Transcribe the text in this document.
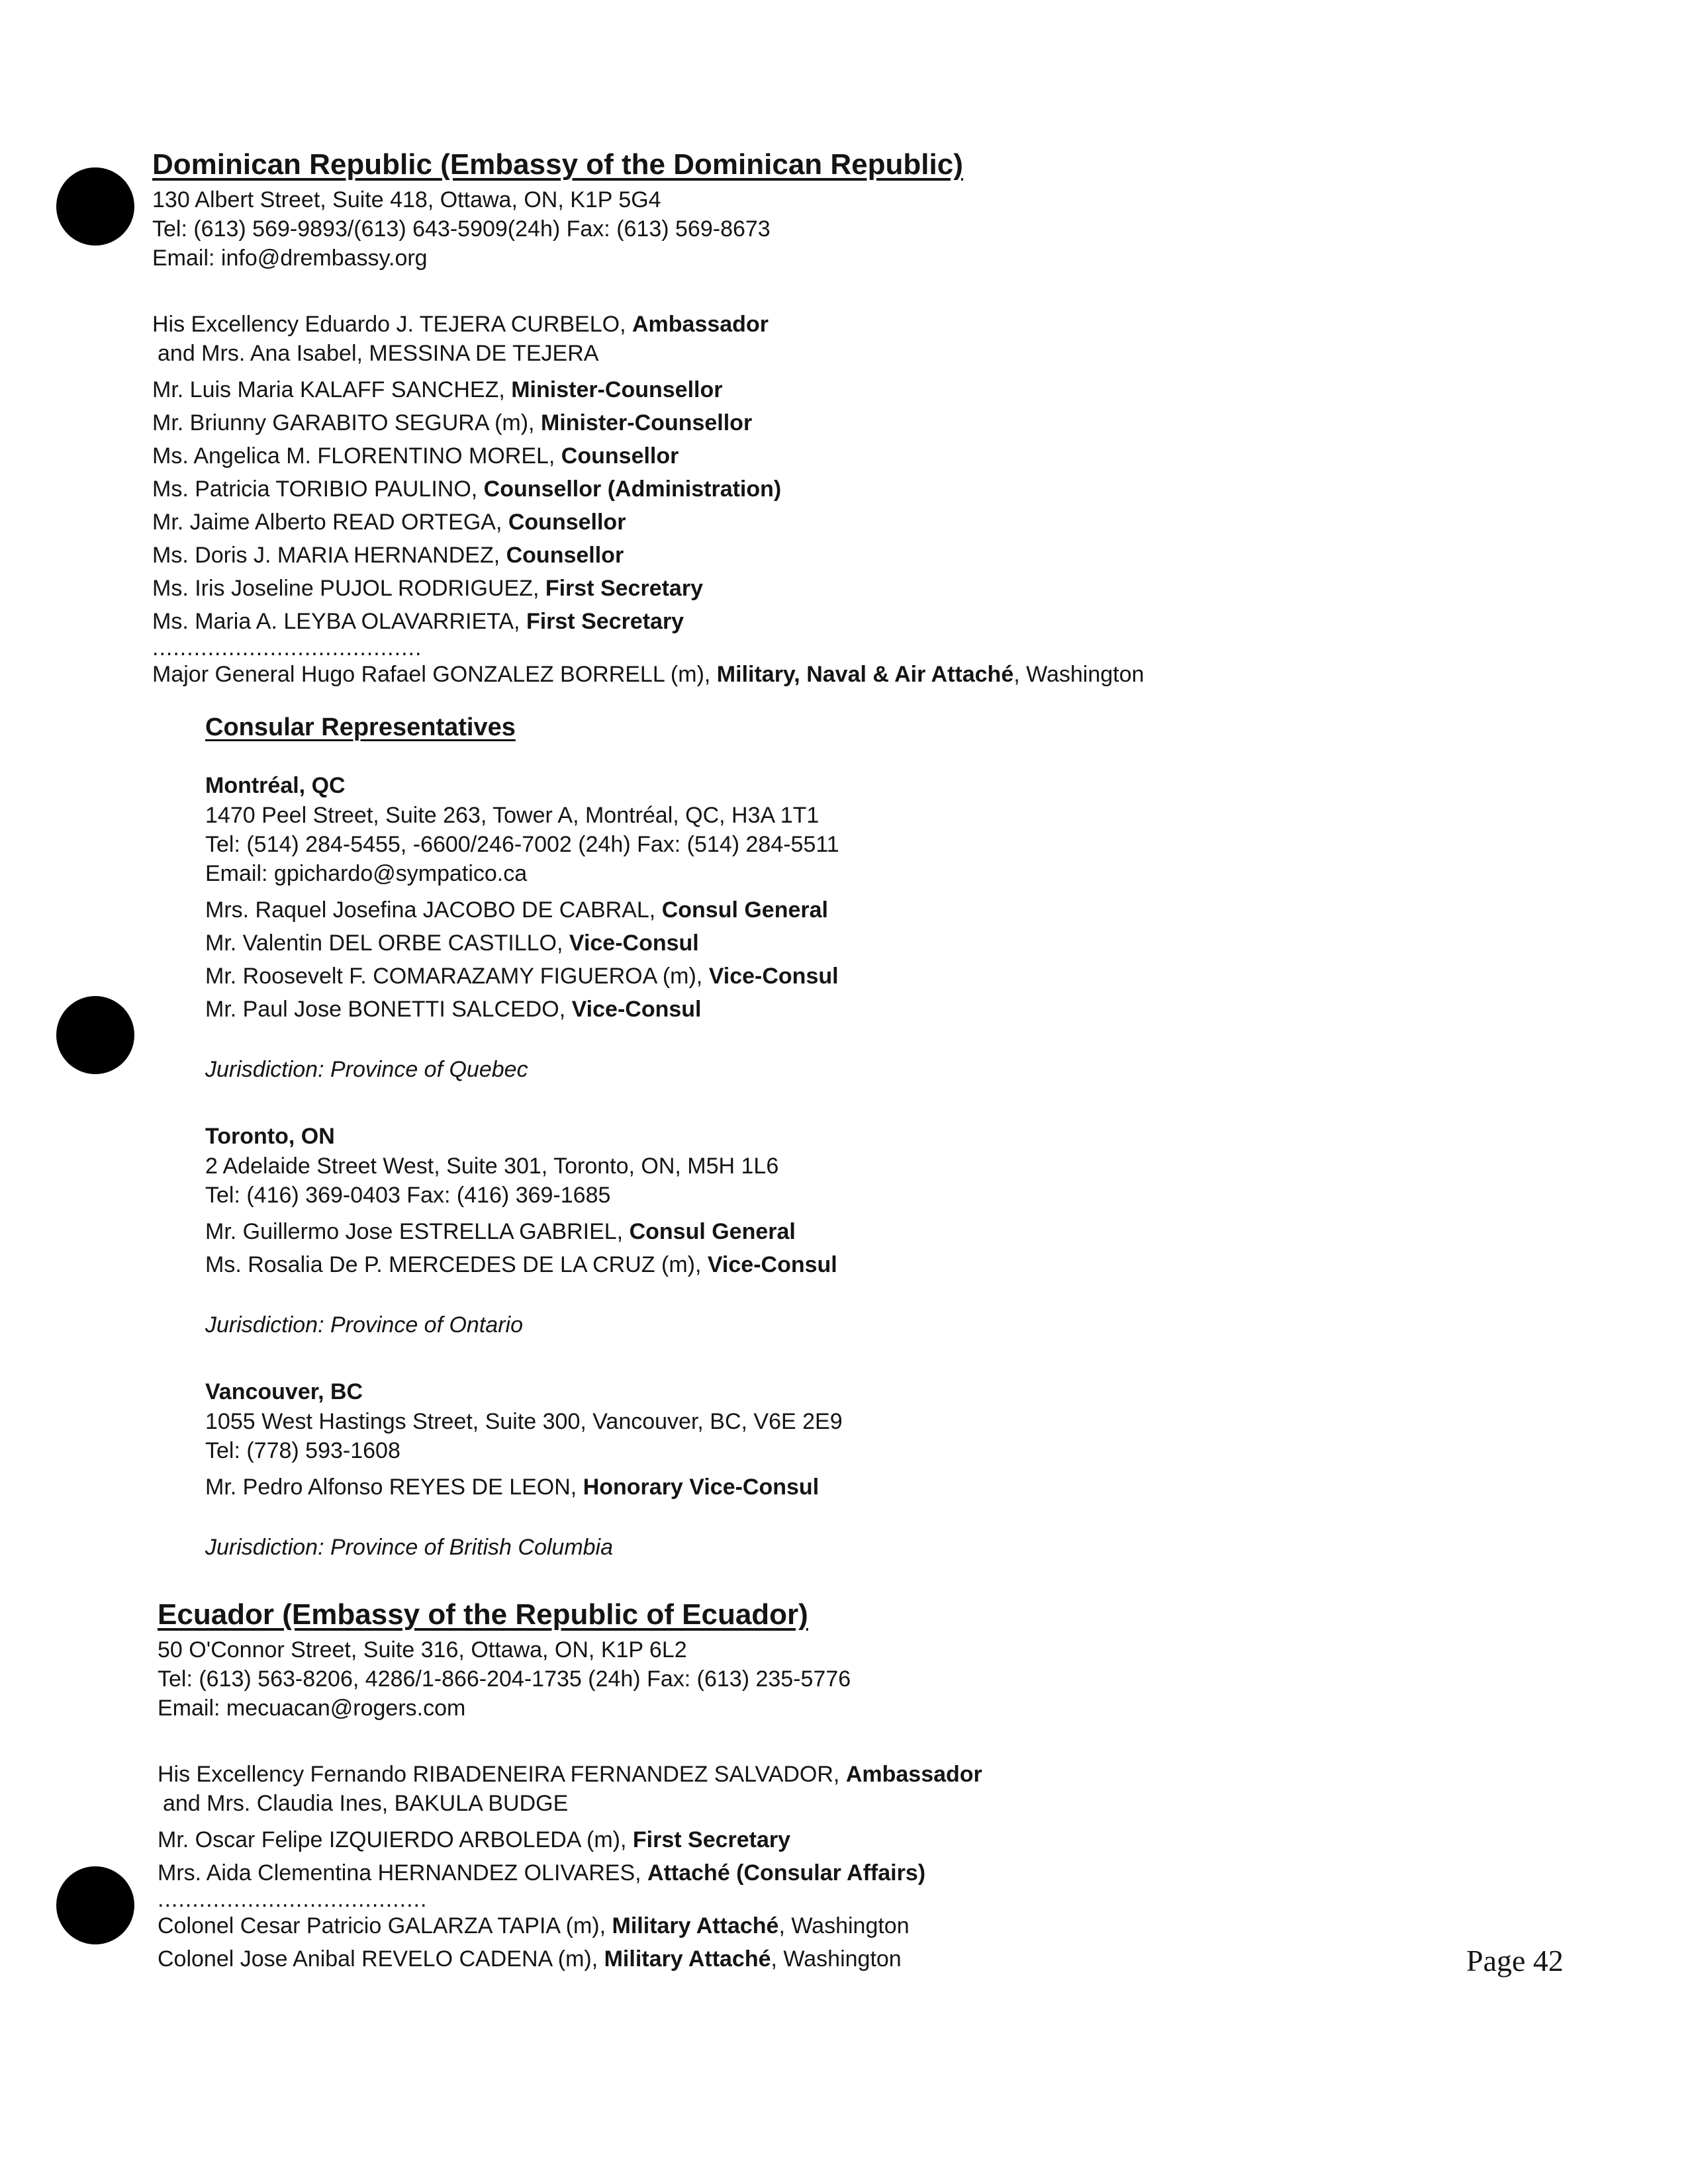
Dominican Republic (Embassy of the Dominican Republic)
130 Albert Street, Suite 418, Ottawa, ON, K1P 5G4
Tel: (613) 569-9893/(613) 643-5909(24h) Fax: (613) 569-8673
Email: info@drembassy.org
His Excellency Eduardo J. TEJERA CURBELO, Ambassador
and Mrs. Ana Isabel, MESSINA DE TEJERA
Mr. Luis Maria KALAFF SANCHEZ, Minister-Counsellor
Mr. Briunny GARABITO SEGURA (m), Minister-Counsellor
Ms. Angelica M. FLORENTINO MOREL, Counsellor
Ms. Patricia TORIBIO PAULINO, Counsellor (Administration)
Mr. Jaime Alberto READ ORTEGA, Counsellor
Ms. Doris J. MARIA HERNANDEZ, Counsellor
Ms. Iris Joseline PUJOL RODRIGUEZ, First Secretary
Ms. Maria A. LEYBA OLAVARRIETA, First Secretary
.......................................
Major General Hugo Rafael GONZALEZ BORRELL (m), Military, Naval & Air Attaché, Washington
Consular Representatives
Montréal, QC
1470 Peel Street, Suite 263, Tower A, Montréal, QC, H3A 1T1
Tel: (514) 284-5455, -6600/246-7002 (24h) Fax: (514) 284-5511
Email: gpichardo@sympatico.ca
Mrs. Raquel Josefina JACOBO DE CABRAL, Consul General
Mr. Valentin DEL ORBE CASTILLO, Vice-Consul
Mr. Roosevelt F. COMARAZAMY FIGUEROA (m), Vice-Consul
Mr. Paul Jose BONETTI SALCEDO, Vice-Consul
Jurisdiction: Province of Quebec
Toronto, ON
2 Adelaide Street West, Suite 301, Toronto, ON, M5H 1L6
Tel: (416) 369-0403 Fax: (416) 369-1685
Mr. Guillermo Jose ESTRELLA GABRIEL, Consul General
Ms. Rosalia De P. MERCEDES DE LA CRUZ (m), Vice-Consul
Jurisdiction: Province of Ontario
Vancouver, BC
1055 West Hastings Street, Suite 300, Vancouver, BC, V6E 2E9
Tel: (778) 593-1608
Mr. Pedro Alfonso REYES DE LEON, Honorary Vice-Consul
Jurisdiction: Province of British Columbia
Ecuador (Embassy of the Republic of Ecuador)
50 O'Connor Street, Suite 316, Ottawa, ON, K1P 6L2
Tel: (613) 563-8206, 4286/1-866-204-1735 (24h) Fax: (613) 235-5776
Email: mecuacan@rogers.com
His Excellency Fernando RIBADENEIRA FERNANDEZ SALVADOR, Ambassador
and Mrs. Claudia Ines, BAKULA BUDGE
Mr. Oscar Felipe IZQUIERDO ARBOLEDA (m), First Secretary
Mrs. Aida Clementina HERNANDEZ OLIVARES, Attaché (Consular Affairs)
.......................................
Colonel Cesar Patricio GALARZA TAPIA (m), Military Attaché, Washington
Colonel Jose Anibal REVELO CADENA (m), Military Attaché, Washington	Page 42
